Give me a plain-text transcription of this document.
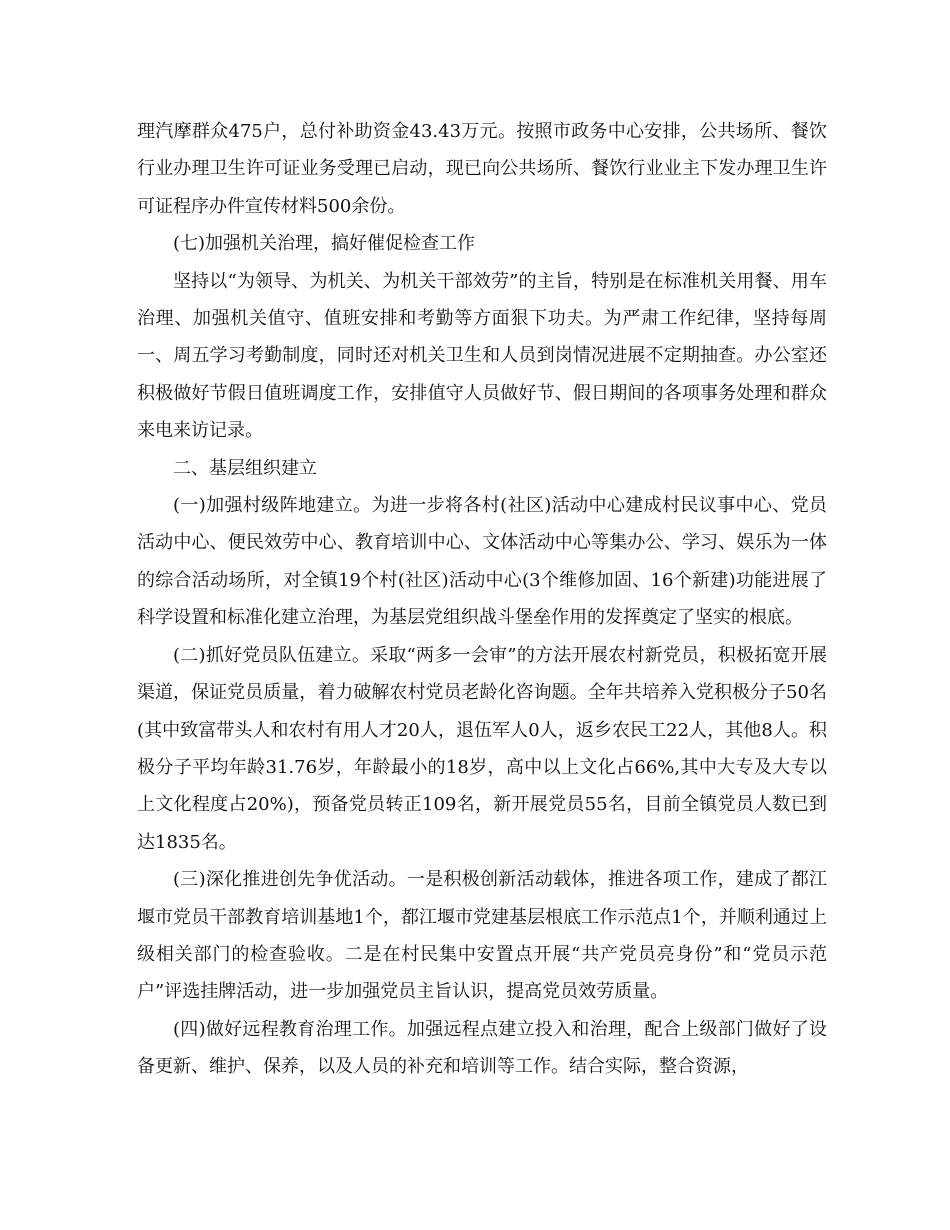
理汽摩群众475户，总付补助资金43.43万元。按照市政务中心安排，公共场所、餐饮行业办理卫生许可证业务受理已启动，现已向公共场所、餐饮行业业主下发办理卫生许可证程序办件宣传材料500余份。

(七)加强机关治理，搞好催促检查工作

坚持以“为领导、为机关、为机关干部效劳”的主旨，特别是在标准机关用餐、用车治理、加强机关值守、值班安排和考勤等方面狠下功夫。为严肃工作纪律，坚持每周一、周五学习考勤制度，同时还对机关卫生和人员到岗情况进展不定期抽查。办公室还积极做好节假日值班调度工作，安排值守人员做好节、假日期间的各项事务处理和群众来电来访记录。

二、基层组织建立

(一)加强村级阵地建立。为进一步将各村(社区)活动中心建成村民议事中心、党员活动中心、便民效劳中心、教育培训中心、文体活动中心等集办公、学习、娱乐为一体的综合活动场所，对全镇19个村(社区)活动中心(3个维修加固、16个新建)功能进展了科学设置和标准化建立治理，为基层党组织战斗堡垒作用的发挥奠定了坚实的根底。

(二)抓好党员队伍建立。采取“两多一会审”的方法开展农村新党员，积极拓宽开展渠道，保证党员质量，着力破解农村党员老龄化咨询题。全年共培养入党积极分子50名(其中致富带头人和农村有用人才20人，退伍军人0人，返乡农民工22人，其他8人。积极分子平均年龄31.76岁，年龄最小的18岁，高中以上文化占66%,其中大专及大专以上文化程度占20%)，预备党员转正109名，新开展党员55名，目前全镇党员人数已到达1835名。

(三)深化推进创先争优活动。一是积极创新活动载体，推进各项工作，建成了都江堰市党员干部教育培训基地1个，都江堰市党建基层根底工作示范点1个，并顺利通过上级相关部门的检查验收。二是在村民集中安置点开展“共产党员亮身份”和“党员示范户”评选挂牌活动，进一步加强党员主旨认识，提高党员效劳质量。

(四)做好远程教育治理工作。加强远程点建立投入和治理，配合上级部门做好了设备更新、维护、保养，以及人员的补充和培训等工作。结合实际，整合资源，
